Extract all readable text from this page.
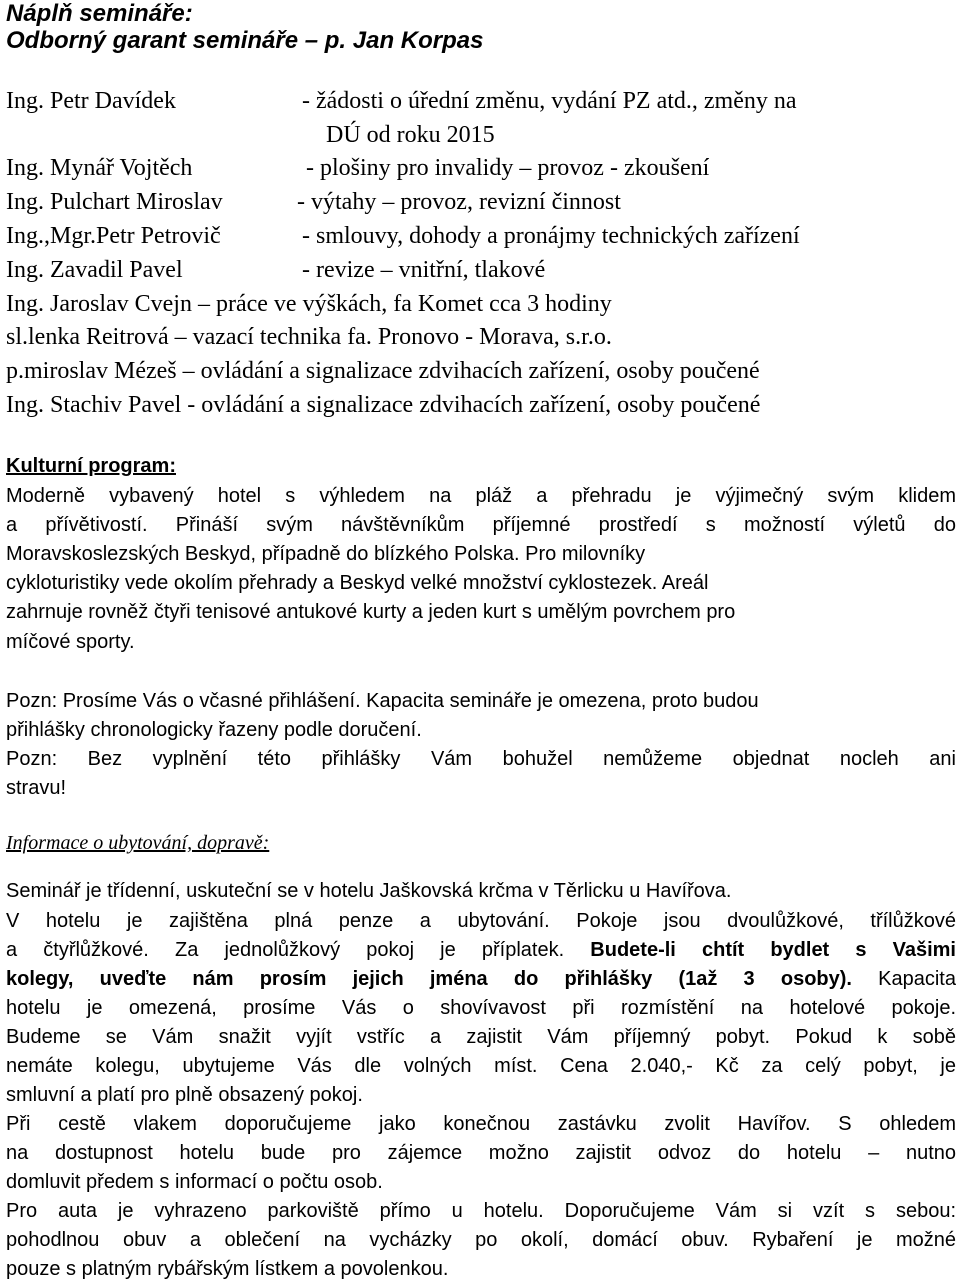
Náplň semináře:
Odborný garant semináře – p. Jan Korpas
Ing. Petr Davídek	- žádosti o úřední změnu, vydání PZ atd., změny na
DÚ od roku 2015
Ing. Mynář Vojtěch	- plošiny pro invalidy – provoz - zkoušení
Ing. Pulchart Miroslav	- výtahy – provoz, revizní činnost
Ing.,Mgr.Petr Petrovič	- smlouvy, dohody a pronájmy technických zařízení
Ing. Zavadil Pavel	- revize – vnitřní, tlakové
Ing. Jaroslav Cvejn – práce ve výškách, fa Komet cca 3 hodiny
sl.lenka Reitrová – vazací technika fa. Pronovo - Morava, s.r.o.
p.miroslav Mézeš – ovládání a signalizace zdvihacích zařízení, osoby poučené
Ing. Stachiv Pavel - ovládání a signalizace zdvihacích zařízení, osoby poučené
Kulturní program:
Moderně vybavený hotel s výhledem na pláž a přehradu je výjimečný svým klidem
a přívětivostí. Přináší svým návštěvníkům příjemné prostředí s možností výletů do
Moravskoslezských Beskyd, případně do blízkého Polska. Pro milovníky
cykloturistiky vede okolím přehrady a Beskyd velké množství cyklostezek. Areál
zahrnuje rovněž čtyři tenisové antukové kurty a jeden kurt s umělým povrchem pro
míčové sporty.
Pozn: Prosíme Vás o včasné přihlášení. Kapacita semináře je omezena, proto budou
přihlášky chronologicky řazeny podle doručení.
Pozn: Bez vyplnění této přihlášky Vám bohužel nemůžeme objednat nocleh ani
stravu!
Informace o ubytování, dopravě:
Seminář je třídenní, uskuteční se v hotelu Jaškovská krčma v Těrlicku u Havířova.
V hotelu je zajištěna plná penze a ubytování. Pokoje jsou dvoulůžkové, třílůžkové
a čtyřlůžkové. Za jednolůžkový pokoj je příplatek. Budete-li chtít bydlet s Vašimi
kolegy, uveďte nám prosím jejich jména do přihlášky (1až 3 osoby). Kapacita
hotelu je omezená, prosíme Vás o shovívavost při rozmístění na hotelové pokoje.
Budeme se Vám snažit vyjít vstříc a zajistit Vám příjemný pobyt. Pokud k sobě
nemáte kolegu, ubytujeme Vás dle volných míst. Cena 2.040,- Kč za celý pobyt, je
smluvní a platí pro plně obsazený pokoj.
Při cestě vlakem doporučujeme jako konečnou zastávku zvolit Havířov. S ohledem
na dostupnost hotelu bude pro zájemce možno zajistit odvoz do hotelu – nutno
domluvit předem s informací o počtu osob.
Pro auta je vyhrazeno parkoviště přímo u hotelu. Doporučujeme Vám si vzít s sebou:
pohodlnou obuv a oblečení na vycházky po okolí, domácí obuv. Rybaření je možné
pouze s platným rybářským lístkem a povolenkou.
